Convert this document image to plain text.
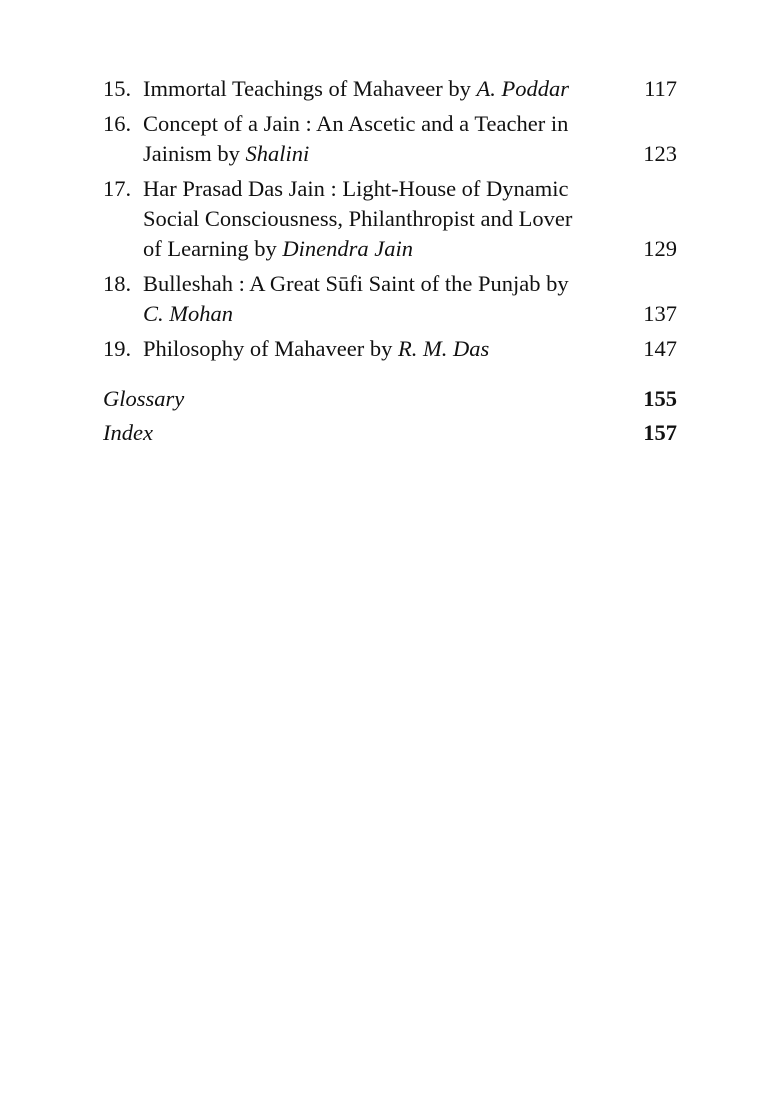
15. Immortal Teachings of Mahaveer by A. Poddar	117
16. Concept of a Jain : An Ascetic and a Teacher in
Jainism by Shalini	123
17. Har Prasad Das Jain : Light-House of Dynamic
Social Consciousness, Philanthropist and Lover
of Learning by Dinendra Jain	129
18. Bulleshah : A Great Sūfi Saint of the Punjab by
C. Mohan	137
19. Philosophy of Mahaveer by R. M. Das	147
Glossary	155
Index	157
